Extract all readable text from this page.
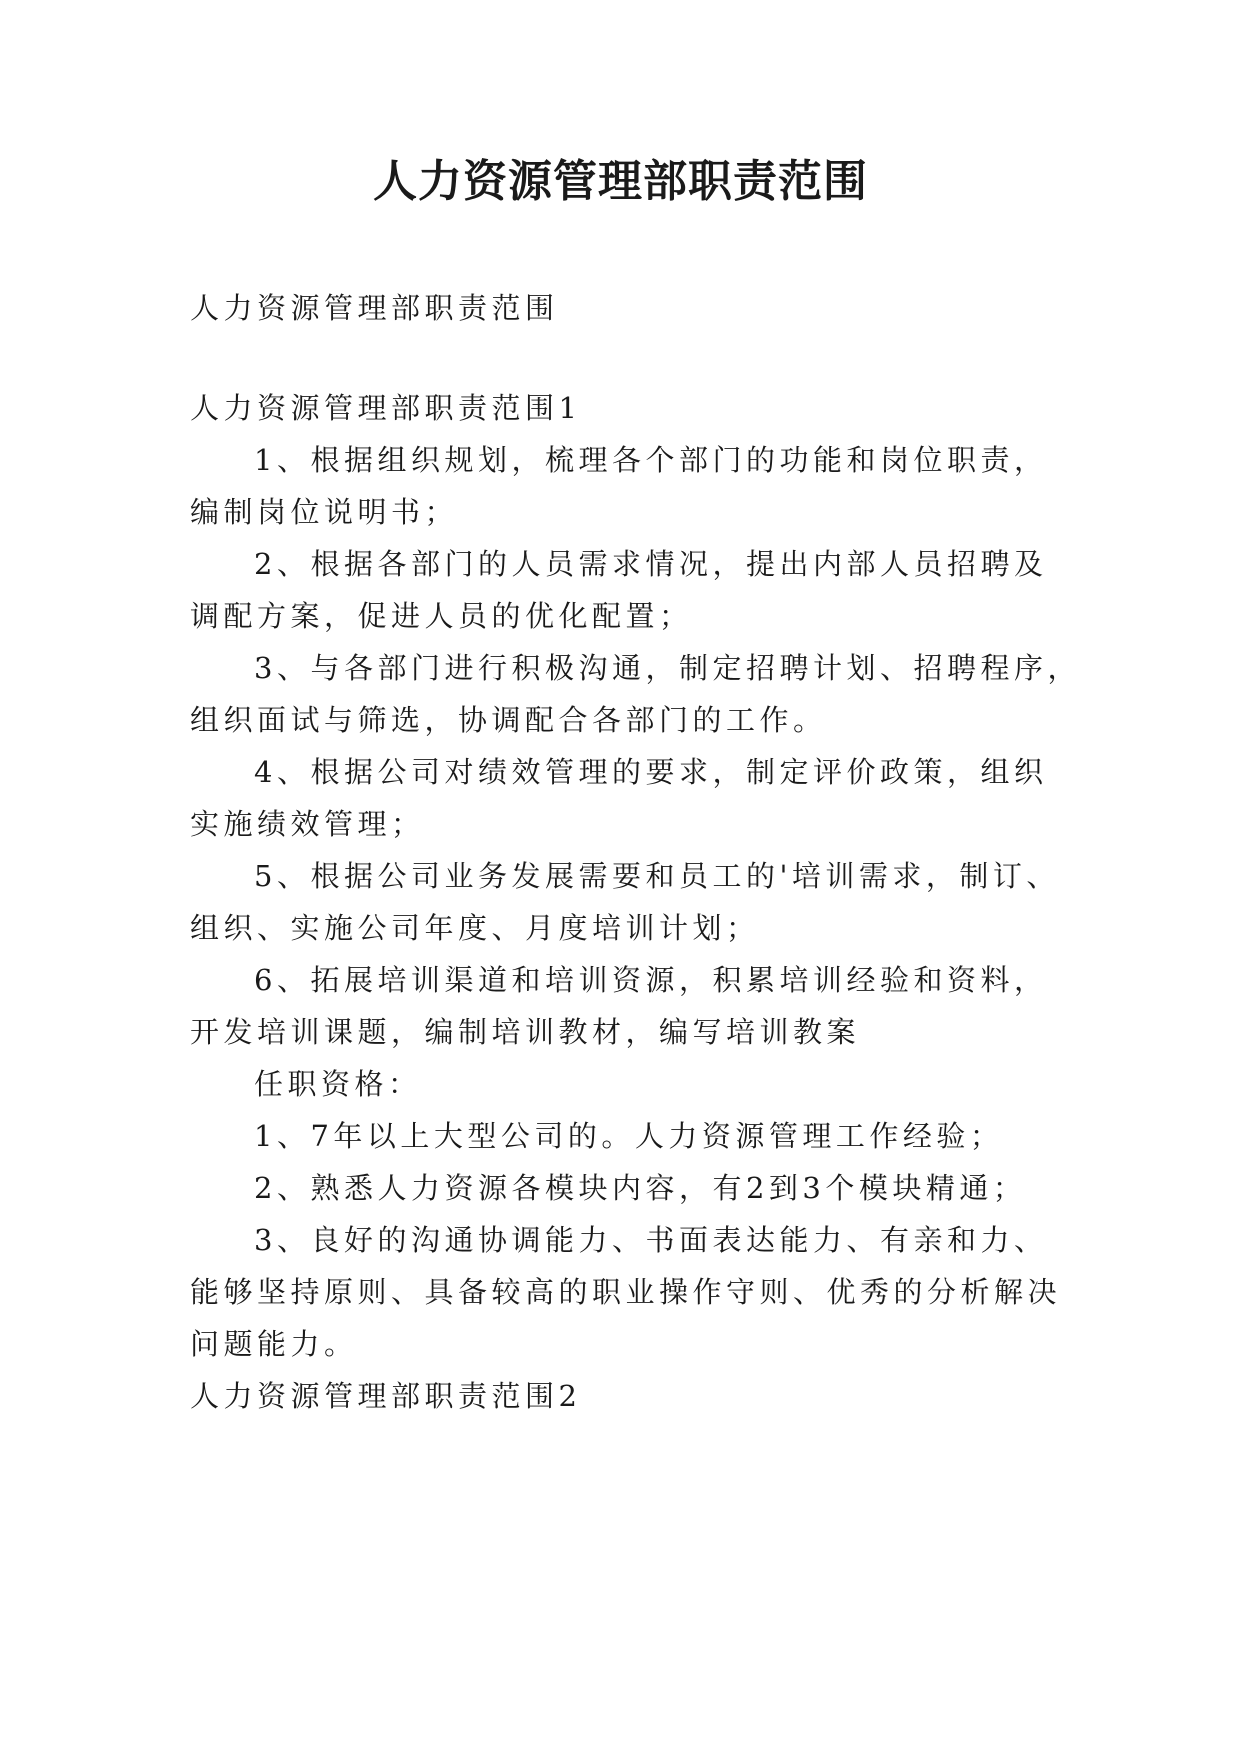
人力资源管理部职责范围
人力资源管理部职责范围
人力资源管理部职责范围1
1、根据组织规划，梳理各个部门的功能和岗位职责，
编制岗位说明书；
2、根据各部门的人员需求情况，提出内部人员招聘及
调配方案，促进人员的优化配置；
3、与各部门进行积极沟通，制定招聘计划、招聘程序，
组织面试与筛选，协调配合各部门的工作。
4、根据公司对绩效管理的要求，制定评价政策，组织
实施绩效管理；
5、根据公司业务发展需要和员工的'培训需求，制订、
组织、实施公司年度、月度培训计划；
6、拓展培训渠道和培训资源，积累培训经验和资料，
开发培训课题，编制培训教材，编写培训教案
任职资格：
1、7年以上大型公司的。人力资源管理工作经验；
2、熟悉人力资源各模块内容，有2到3个模块精通；
3、良好的沟通协调能力、书面表达能力、有亲和力、
能够坚持原则、具备较高的职业操作守则、优秀的分析解决
问题能力。
人力资源管理部职责范围2
